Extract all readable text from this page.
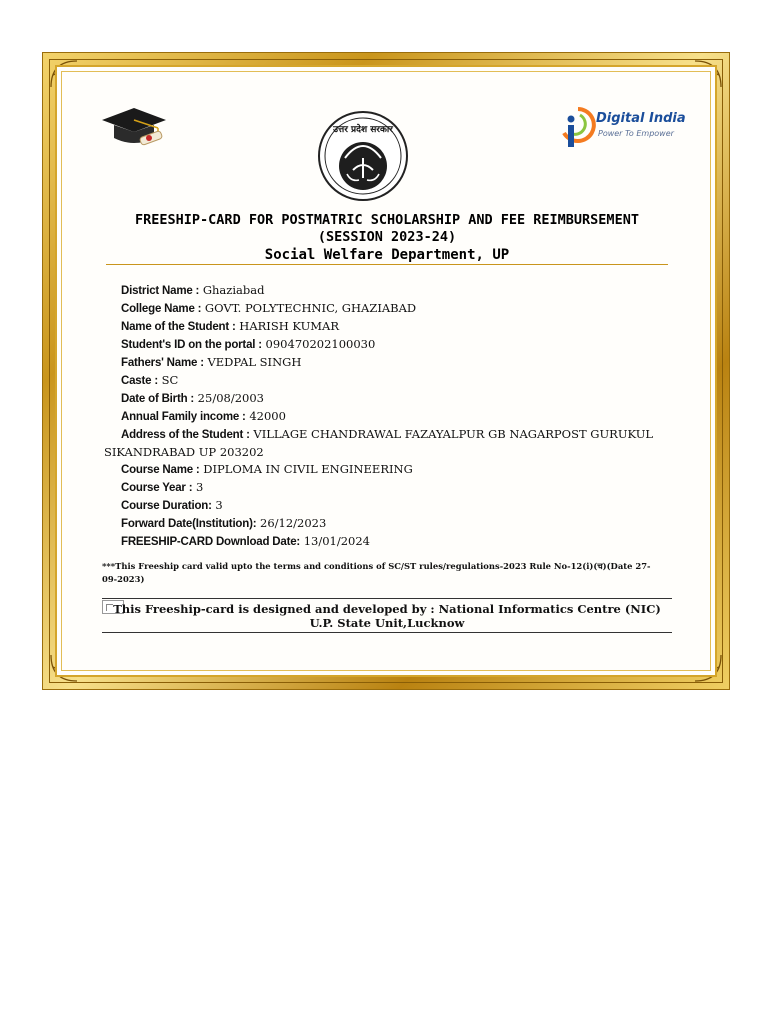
उत्तर प्रदेश सरकार
Digital India
Power To Empower
FREESHIP-CARD FOR POSTMATRIC SCHOLARSHIP AND FEE REIMBURSEMENT
(SESSION 2023-24)
Social Welfare Department, UP
District Name : Ghaziabad
College Name : GOVT. POLYTECHNIC, GHAZIABAD
Name of the Student : HARISH KUMAR
Student's ID on the portal : 090470202100030
Fathers' Name : VEDPAL SINGH
Caste : SC
Date of Birth : 25/08/2003
Annual Family income : 42000
Address of the Student : VILLAGE CHANDRAWAL FAZAYALPUR GB NAGARPOST GURUKUL SIKANDRABAD UP 203202
Course Name : DIPLOMA IN CIVIL ENGINEERING
Course Year : 3
Course Duration: 3
Forward Date(Institution): 26/12/2023
FREESHIP-CARD Download Date: 13/01/2024
***This Freeship card valid upto the terms and conditions of SC/ST rules/regulations-2023 Rule No-12(i)(च)(Date 27-09-2023)
This Freeship-card is designed and developed by : National Informatics Centre (NIC) U.P. State Unit,Lucknow
